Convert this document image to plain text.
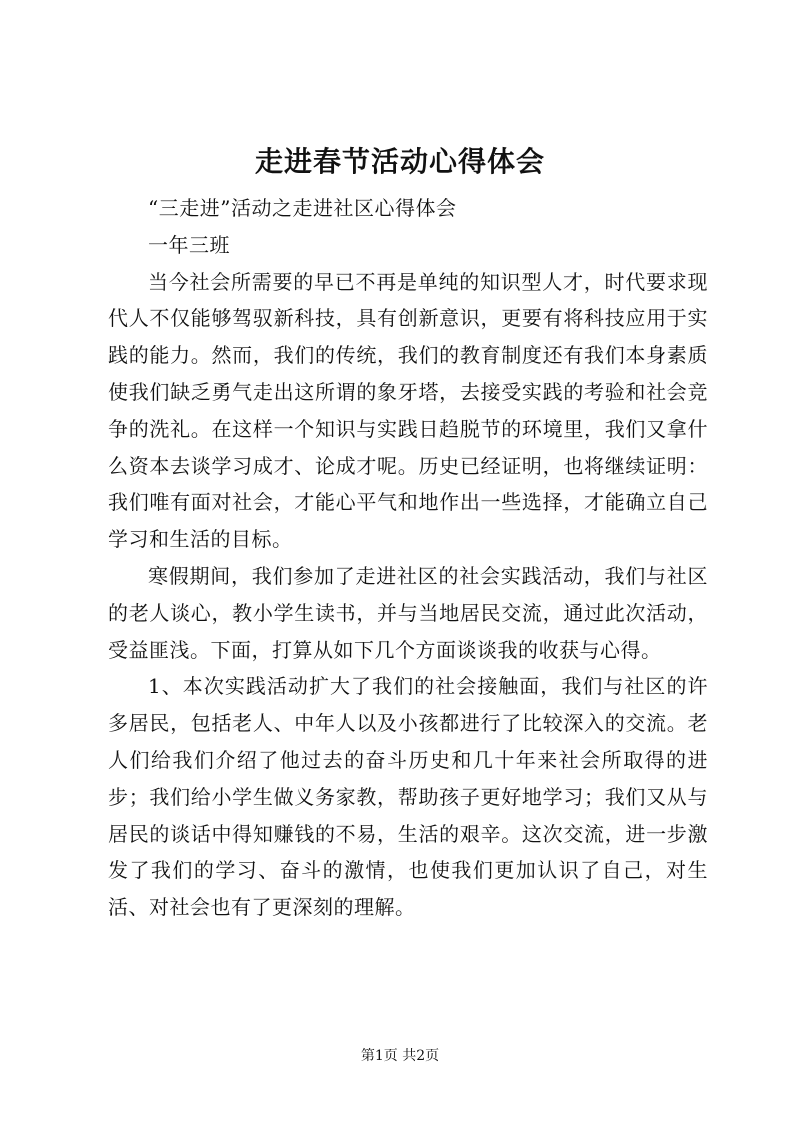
走进春节活动心得体会

“三走进”活动之走进社区心得体会

一年三班

当今社会所需要的早已不再是单纯的知识型人才，时代要求现代人不仅能够驾驭新科技，具有创新意识，更要有将科技应用于实践的能力。然而，我们的传统，我们的教育制度还有我们本身素质使我们缺乏勇气走出这所谓的象牙塔，去接受实践的考验和社会竞争的洗礼。在这样一个知识与实践日趋脱节的环境里，我们又拿什么资本去谈学习成才、论成才呢。历史已经证明，也将继续证明：我们唯有面对社会，才能心平气和地作出一些选择，才能确立自己学习和生活的目标。

寒假期间，我们参加了走进社区的社会实践活动，我们与社区的老人谈心，教小学生读书，并与当地居民交流，通过此次活动，受益匪浅。下面，打算从如下几个方面谈谈我的收获与心得。

1、本次实践活动扩大了我们的社会接触面，我们与社区的许多居民，包括老人、中年人以及小孩都进行了比较深入的交流。老人们给我们介绍了他过去的奋斗历史和几十年来社会所取得的进步；我们给小学生做义务家教，帮助孩子更好地学习；我们又从与居民的谈话中得知赚钱的不易，生活的艰辛。这次交流，进一步激发了我们的学习、奋斗的激情，也使我们更加认识了自己，对生活、对社会也有了更深刻的理解。

第1页 共2页
